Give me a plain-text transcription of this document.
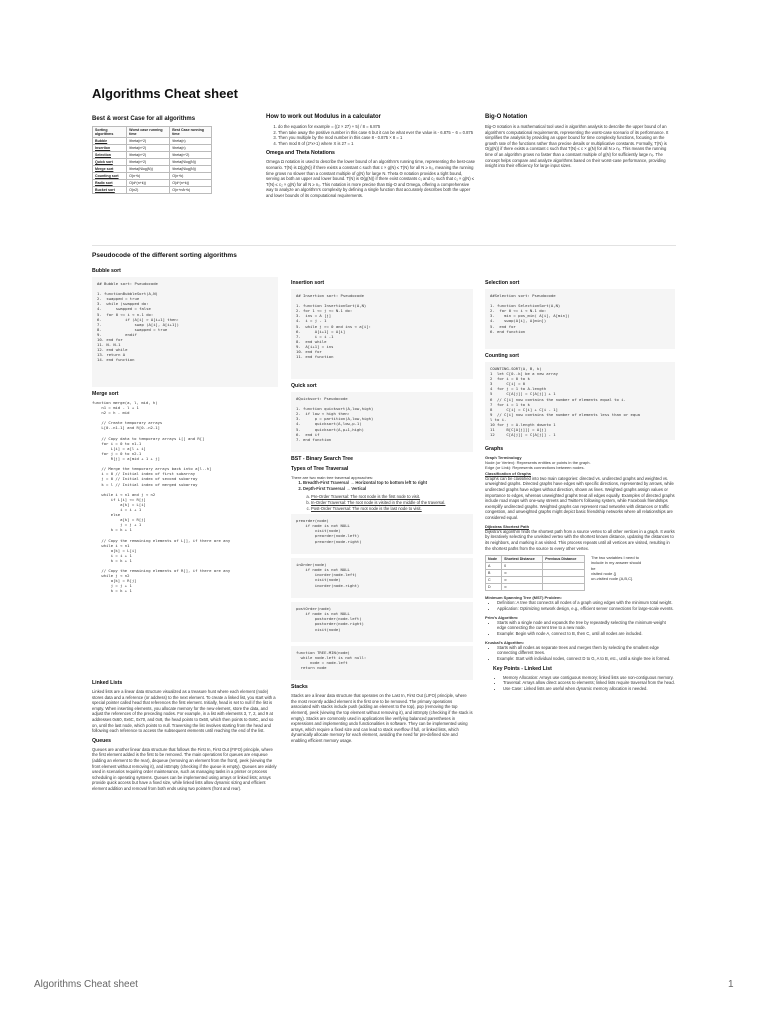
Algorithms Cheat sheet
Best & worst Case for all algorithms
Sorting algorithms	Worst case running time	Best Case running time
Bubble	\theta(n^2)	\theta(n)
Insertion	\theta(n^2)	\theta(n)
Selection	\theta(n^2)	\theta(n^2)
Quick sort	\theta(n^2)	\theta(Nlog(N))
Merge sort	\theta(Nlog(N))	\theta(Nlog(N))
Counting sort	O(n+k)	O(n+k)
Radix sort	O(d*(n+k))	O(d*(n+k))
Bucket sort	O(n2)	O(n+n/k+k)
How to work out Modulus in a calculator
1. do the equation for example = ((2 × 27) + 5) / 8 = 6.875
2. Then take away the positive number in this case 6 but it can be what ever the value is - 6.875 − 6 = 0.875
3. Then you multiple by the mod number in this case 8 - 0.875 × 8 = 1
4. Then mod 8 of (2*x+1) where X is 27 = 1
Omega and Theta Notations
Omega Ω notation is used to describe the lower bound of an algorithm's running time, representing the best-case scenario. T(N) is Ω(g(N)) if there exists a constant c such that c × g(N) ≤ T(N) for all N ≥ n₀, meaning the running time grows no slower than a constant multiple of g(N) for large N. Theta Θ notation provides a tight bound, serving as both an upper and lower bound. T(N) is Θ(g(N)) if there exist constants c₁ and c₂ such that c₁ × g(N) ≤ T(N) ≤ c₂ × g(N) for all N ≥ n₀. This notation is more precise than Big-O and Omega, offering a comprehensive way to analyze an algorithm's complexity by defining a single function that accurately describes both the upper and lower bounds of its computational requirements.
Big-O Notation
Big-O notation is a mathematical tool used in algorithm analysis to describe the upper bound of an algorithm's computational requirements, representing the worst-case scenario of its performance. It simplifies the analysis by providing an upper bound for time complexity functions, focusing on the growth rate of the functions rather than precise details or multiplicative constants. Formally, T(N) is O(g(N)) if there exists a constant c such that T(N) ≤ c × g(N) for all N ≥ n₀. This means the running time of an algorithm grows no faster than a constant multiple of g(N) for sufficiently large n₀. The concept helps compare and analyze algorithms based on their worst-case performance, providing insight into their efficiency for large input sizes.
Pseudocode of the different sorting algorithms
Bubble sort
## Bubble sort: Pseudocode

1. functionBubbleSort(A,N)
2.  swapped = true
3.  while (swapped do:
4.      swapped = false
5.  for 0 <= i < n-1 do:
6.          if (A[i] > A[i+1] then:
7.              swap (A[i], A[i+1])
8.              swapped = true
9.          endif
10. end for
11. N- N-1
12. end while
13. return A
14. end function
Merge sort
function merge(a, l, mid, h)
n1 = mid - l + 1
n2 = h - mid

// Create temporary arrays
L[0..n1-1] and R[0..n2-1]

// Copy data to temporary arrays L[] and R[]
for i = 0 to n1-1
L[i] = a[l + i]
for j = 0 to n2-1
R[j] = a[mid + 1 + j]

// Merge the temporary arrays back into a[l..h]
i = 0 // Initial index of first subarray
j = 0 // Initial index of second subarray
k = l // Initial index of merged subarray

while i < n1 and j < n2
if L[i] <= R[j]
a[k] = L[i]
i = i + 1
else
a[k] = R[j]
j = j + 1
k = k + 1

// Copy the remaining elements of L[], if there are any
while i < n1
a[k] = L[i]
i = i + 1
k = k + 1

// Copy the remaining elements of R[], if there are any
while j < n2
a[k] = R[j]
j = j + 1
k = k + 1
Linked Lists
Linked lists are a linear data structure visualized as a treasure hunt where each element (node) stores data and a reference (or address) to the next element. To create a linked list, you start with a special pointer called head that references the first element. Initially, head is set to null if the list is empty. When inserting elements, you allocate memory for the new element, store the data, and adjust the references of the preceding nodes. For example, in a list with elements 3, 7, 2, and 9 at addresses 0x60, 0x6C, 0x70, and 0x8, the head points to 0x60, which then points to 0x6C, and so on, until the last node, which points to null. Traversing the list involves starting from the head and following each reference to access the subsequent elements until reaching the end of the list.
Queues
Queues are another linear data structure that follows the First In, First Out (FIFO) principle, where the first element added is the first to be removed. The main operations for queues are enqueue (adding an element to the rear), dequeue (removing an element from the front), peek (viewing the front element without removing it), and isEmpty (checking if the queue is empty). Queues are widely used in scenarios requiring order maintenance, such as managing tasks in a printer or process scheduling in operating systems. Queues can be implemented using arrays or linked lists; arrays provide quick access but have a fixed size, while linked lists allow dynamic sizing and efficient element addition and removal from both ends using two pointers (front and rear).
Insertion sort
## Insertion sort: Pseudocode

1. function InsertionSort(A,N)
2. for 1 <= j <= N-1 do:
3.  ins = A [j]
4.  i = j - 1
5.  while j >= 0 and ins < a[i]:
6.      A[i+1] = A[i]
7.      i = i -1
8.  end while
9.  A[i+1] = ins
10. end for
11. end function
Quick sort
#Quicksort: Pseudocode

1. function quicksort(A,low,high)
2.  if low < high then:
3.      p = partition(A,low,high)
4.      quicksort(A,low,p-1)
5.      quicksort(A,p+1,high)
6.  end if
7. end function
BST - Binary Search Tree
Types of Tree Traversal
There are two main tree traversal approaches:
1. Breadth-First Traversal → Horizontal top to bottom left to right
2. Depth-First Traversal → Vertical
a. Pre-Order Traversal: The root node is the first node to visit.
b. In-Order Traversal: The root node is visited in the middle of the traversal.
c. Post-Order Traversal: The root node is the last node to visit.
preorder(node)
if node is not NULL
visit(node)
preorder(node.left)
preorder(node.right)
inOrder(node)
if node is not NULL
inorder(node.left)
visit(node)
inorder(node.right)
postOrder(node)
if node is not NULL
postorder(node.left)
postorder(node.right)
visit(node)
function TREE-MIN(node)
while node.left is not null:
node = node.left
return node
Stacks
Stacks are a linear data structure that operates on the Last In, First Out (LIFO) principle, where the most recently added element is the first one to be removed. The primary operations associated with stacks include push (adding an element to the top), pop (removing the top element), peek (viewing the top element without removing it), and isEmpty (checking if the stack is empty). Stacks are commonly used in applications like verifying balanced parentheses in expressions and implementing undo functionalities in software. They can be implemented using arrays, which require a fixed size and can lead to stack overflow if full, or linked lists, which dynamically allocate memory for each element, avoiding the need for pre-defined size and enabling efficient memory usage.
Selection sort
##Selection sort: Pseudocode

1. function SelectionSort(A,N)
2.  for 0 <= i < N-1 do:
3.    min = pos_min( A[i], A[min])
4.    swap(A[i], A[min])
5.  end for
6. end function
Counting sort
COUNTING-SORT(A, B, k)
1  let C[0..k] be a new array
2  for i = 0 to k
3      C[i] = 0
4  for j = 1 to A.length
5      C[A[j]] = C[A[j]] + 1
6  // C[i] now contains the number of elements equal to i.
7  for i = 1 to k
8      C[i] = C[i] + C[i - 1]
9  // C[i] now contains the number of elements less than or equa
l to i.
10 for j = A.length downto 1
11     B[C[A[j]]] = A[j]
12     C[A[j]] = C[A[j]] - 1
Graphs
Graph Terminology
Node (or Vertex): Represents entities or points in the graph.
Edge (or Link): Represents connections between nodes.
Classification of Graphs
Graphs can be classified into two main categories: directed vs. undirected graphs and weighted vs. unweighted graphs. Directed graphs have edges with specific directions, represented by arrows, while undirected graphs have edges without direction, shown as lines. Weighted graphs assign values or importance to edges, whereas unweighted graphs treat all edges equally. Examples of directed graphs include road maps with one-way streets and Twitter's following system, while Facebook friendships exemplify undirected graphs. Weighted graphs can represent road networks with distances or traffic congestion, and unweighted graphs might depict basic friendship networks where all relationships are considered equal.
Dijkstras Shortest Path
Dijkstra's algorithm finds the shortest path from a source vertex to all other vertices in a graph. It works by iteratively selecting the unvisited vertex with the shortest known distance, updating the distances to its neighbors, and marking it as visited. This process repeats until all vertices are visited, resulting in the shortest paths from the source to every other vertex.
Node	Shortest Distance	Previous Distance
A	0	
B	∞	
C	∞	
D	∞	
The two variables I need to
include in my answer should
be
visited node {}
un-visited node {A,B,C}
Minimum Spanning Tree (MST) Problem:
• Definition: A tree that connects all nodes of a graph using edges with the minimum total weight.
• Application: Optimizing network design, e.g., efficient server connections for large-scale events.
Prim's Algorithm:
• Starts with a single node and expands the tree by repeatedly selecting the minimum-weight edge connecting the current tree to a new node.
• Example: Begin with node A, connect to B, then C, until all nodes are included.
Kruskal's Algorithm:
• Starts with all nodes as separate trees and merges them by selecting the smallest edge connecting different trees.
• Example: Start with individual nodes, connect D to G, A to B, etc., until a single tree is formed.
Key Points - Linked List
• Memory Allocation: Arrays use contiguous memory; linked lists use non-contiguous memory.
• Traversal: Arrays allow direct access to elements; linked lists require traversal from the head.
• Use Case: Linked lists are useful when dynamic memory allocation is needed.
Algorithms Cheat sheet	1
